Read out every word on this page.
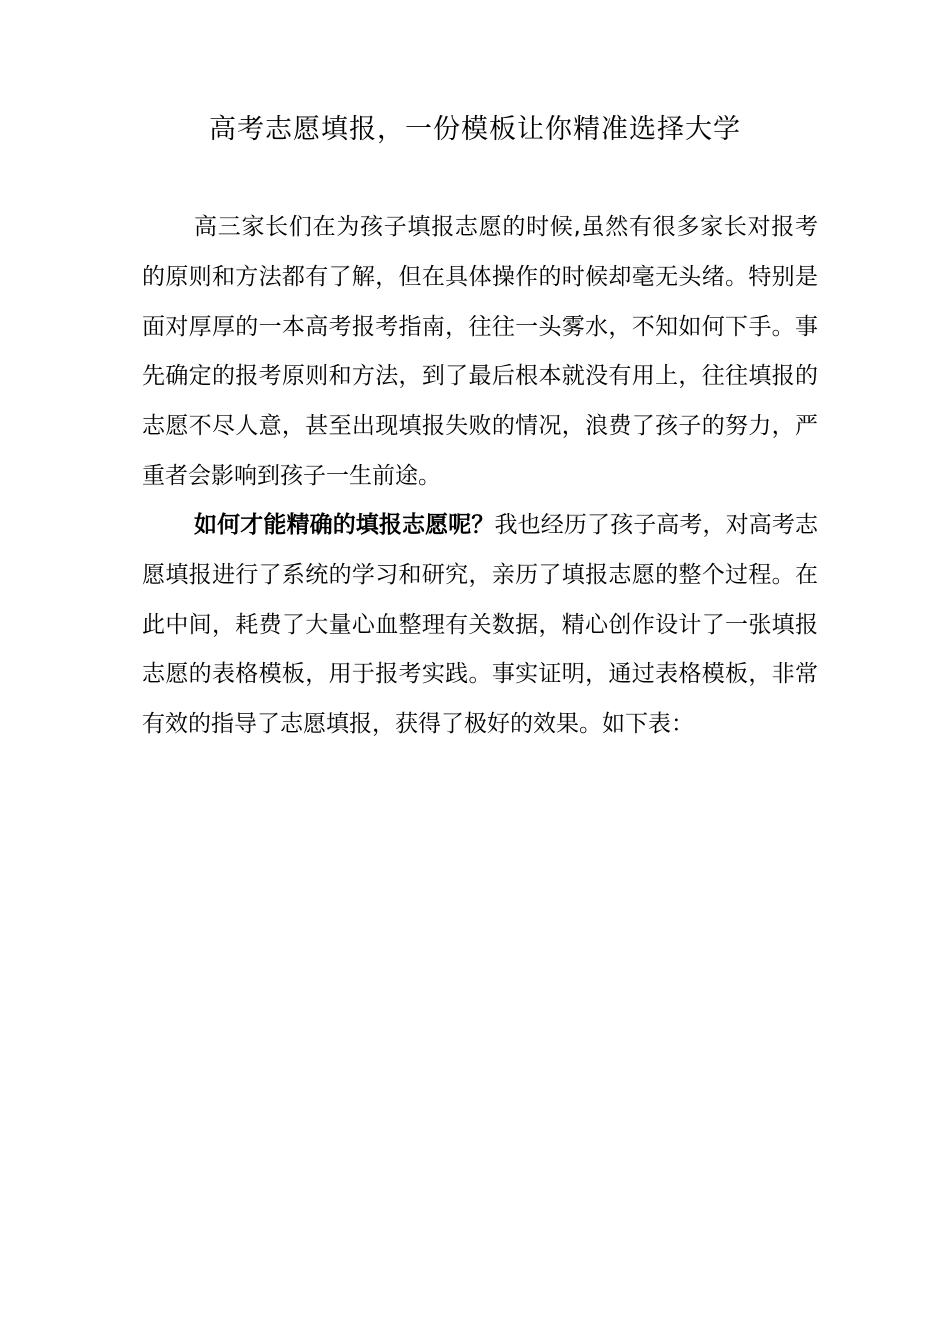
高考志愿填报，一份模板让你精准选择大学

高三家长们在为孩子填报志愿的时候,虽然有很多家长对报考的原则和方法都有了解，但在具体操作的时候却毫无头绪。特别是面对厚厚的一本高考报考指南，往往一头雾水，不知如何下手。事先确定的报考原则和方法，到了最后根本就没有用上，往往填报的志愿不尽人意，甚至出现填报失败的情况，浪费了孩子的努力，严重者会影响到孩子一生前途。

如何才能精确的填报志愿呢？我也经历了孩子高考，对高考志愿填报进行了系统的学习和研究，亲历了填报志愿的整个过程。在此中间，耗费了大量心血整理有关数据，精心创作设计了一张填报志愿的表格模板，用于报考实践。事实证明，通过表格模板，非常有效的指导了志愿填报，获得了极好的效果。如下表：
